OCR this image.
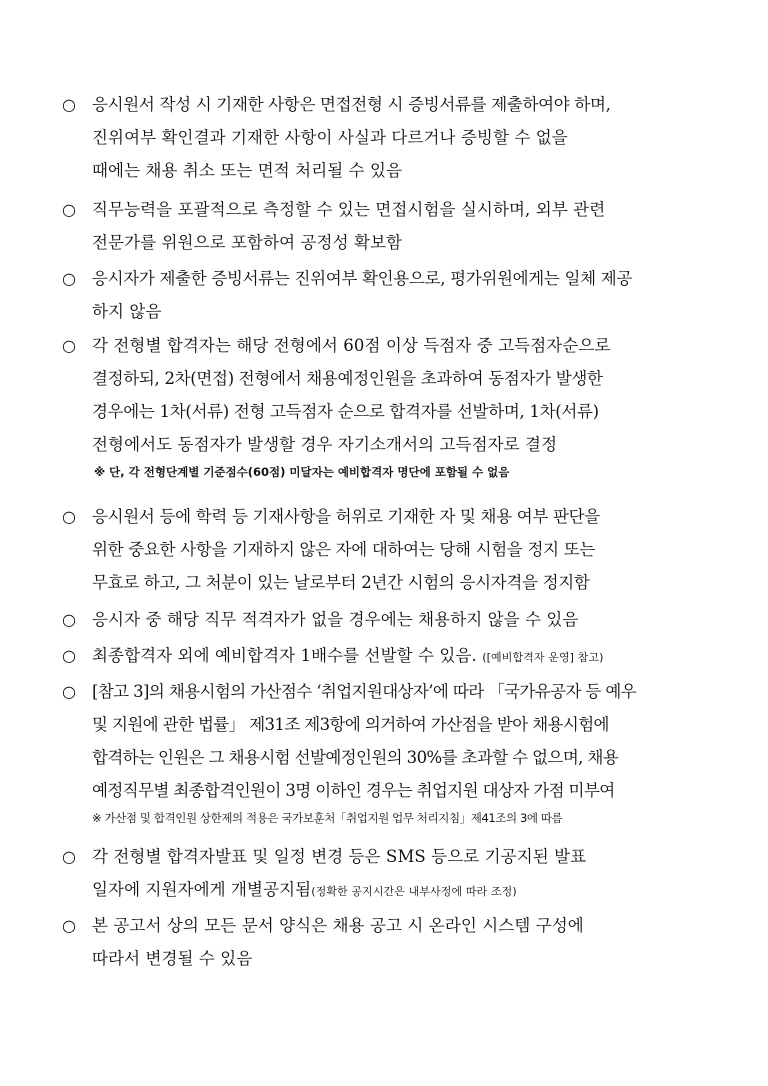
○ 응시원서 작성 시 기재한 사항은 면접전형 시 증빙서류를 제출하여야 하며,
진위여부 확인결과 기재한 사항이 사실과 다르거나 증빙할 수 없을
때에는 채용 취소 또는 면적 처리될 수 있음
○ 직무능력을 포괄적으로 측정할 수 있는 면접시험을 실시하며, 외부 관련
전문가를 위원으로 포함하여 공정성 확보함
○ 응시자가 제출한 증빙서류는 진위여부 확인용으로, 평가위원에게는 일체 제공
하지 않음
○ 각 전형별 합격자는 해당 전형에서 60점 이상 득점자 중 고득점자순으로
결정하되, 2차(면접) 전형에서 채용예정인원을 초과하여 동점자가 발생한
경우에는 1차(서류) 전형 고득점자 순으로 합격자를 선발하며, 1차(서류)
전형에서도 동점자가 발생할 경우 자기소개서의 고득점자로 결정
※ 단, 각 전형단계별 기준점수(60점) 미달자는 예비합격자 명단에 포함될 수 없음
○ 응시원서 등에 학력 등 기재사항을 허위로 기재한 자 및 채용 여부 판단을
위한 중요한 사항을 기재하지 않은 자에 대하여는 당해 시험을 정지 또는
무효로 하고, 그 처분이 있는 날로부터 2년간 시험의 응시자격을 정지함
○ 응시자 중 해당 직무 적격자가 없을 경우에는 채용하지 않을 수 있음
○ 최종합격자 외에 예비합격자 1배수를 선발할 수 있음. ([예비합격자 운영] 참고)
○ [참고 3]의 채용시험의 가산점수 ‘취업지원대상자’에 따라 「국가유공자 등 예우
및 지원에 관한 법률」 제31조 제3항에 의거하여 가산점을 받아 채용시험에
합격하는 인원은 그 채용시험 선발예정인원의 30%를 초과할 수 없으며, 채용
예정직무별 최종합격인원이 3명 이하인 경우는 취업지원 대상자 가점 미부여
※ 가산점 및 합격인원 상한제의 적용은 국가보훈처「취업지원 업무 처리지침」제41조의 3에 따름
○ 각 전형별 합격자발표 및 일정 변경 등은 SMS 등으로 기공지된 발표
일자에 지원자에게 개별공지됨(정확한 공지시간은 내부사정에 따라 조정)
○ 본 공고서 상의 모든 문서 양식은 채용 공고 시 온라인 시스템 구성에
따라서 변경될 수 있음
